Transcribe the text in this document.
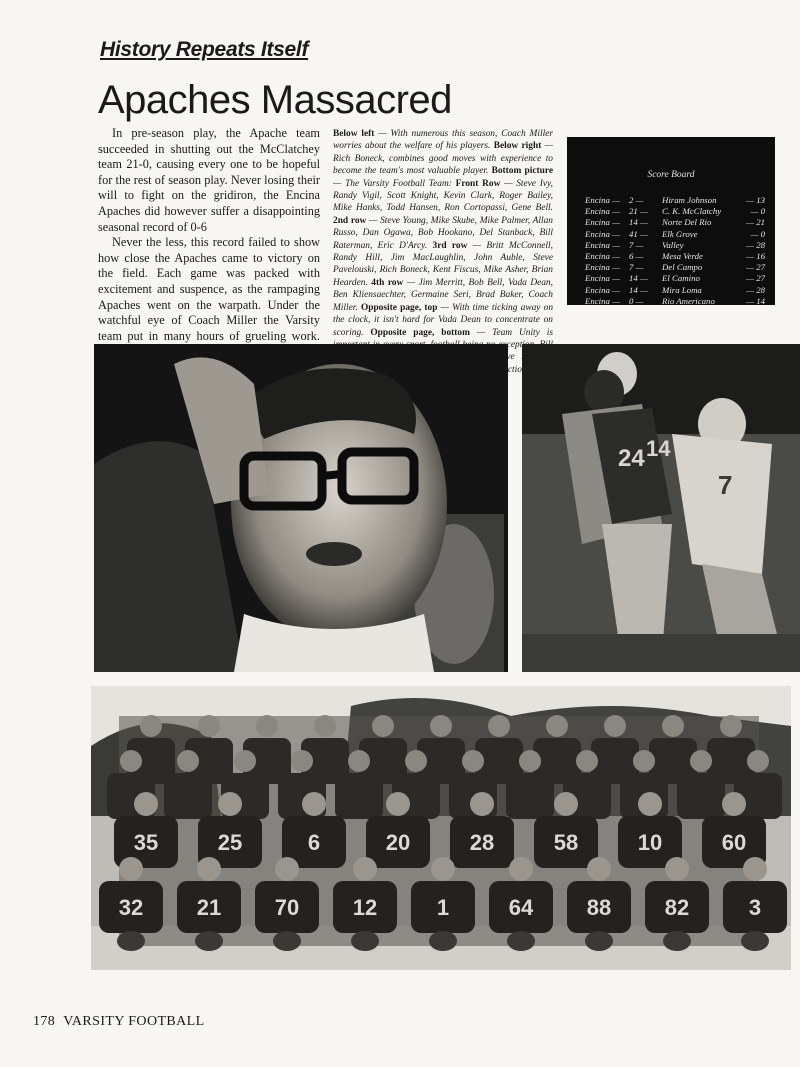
History Repeats Itself
Apaches Massacred

In pre-season play, the Apache team succeeded in shutting out the McClatchey team 21-0, causing every one to be hopeful for the rest of season play. Never losing their will to fight on the gridiron, the Encina Apaches did however suffer a disappointing seasonal record of 0-6

Never the less, this record failed to show how close the Apaches came to victory on the field. Each game was packed with excitement and suspence, as the rampaging Apaches went on the warpath. Under the watchful eye of Coach Miller the Varsity team put in many hours of grueling work.

Below left — With numerous this season, Coach Miller worries about the welfare of his players. Below right — Rich Boneck, combines good moves with experience to become the team's most valuable player. Bottom picture — The Varsity Football Team: Front Row — Steve Ivy, Randy Vigil, Scott Knight, Kevin Clark, Roger Bailey, Mike Hanks, Todd Hansen, Ron Cortopassi, Gene Bell. 2nd row — Steve Young, Mike Skube, Mike Palmer, Allan Russo, Dan Ogawa, Bob Hookano, Del Stanback, Bill Raterman, Eric D'Arcy. 3rd row — Britt McConnell, Randy Hill, Jim MacLaughlin, John Auble, Steve Pavelouski, Rich Boneck, Kent Fiscus, Mike Asher, Brian Hearden. 4th row — Jim Merritt, Bob Bell, Vada Dean, Ben Kliensaechter, Germaine Seri, Brad Baker, Coach Miller. Opposite page, top — With time ticking away on the clock, it isn't hard for Vada Dean to concentrate on scoring. Opposite page, bottom — Team Unity is exception. action.
Score Board
Encina — 2 — Hiram Johnson	— 13
Encina — 21 — C. K. McClatchy	— 0
Encina — 14 — Norte Del Rio	— 21
Encina — 41 — Elk Grove	— 0
Encina — 7 — Valley	— 28
Encina — 6 — Mesa Verde	— 16
Encina — 7 — Del Campo	— 27
Encina — 14 — El Camino	— 27
Encina — 14 — Mira Loma	— 28
Encina — 0 — Rio Americano	— 14
24 14
7
35	25	6	20	28	58	10	60
32 21 70 12	1	64 88 82	3
178 VARSITY FOOTBALL
